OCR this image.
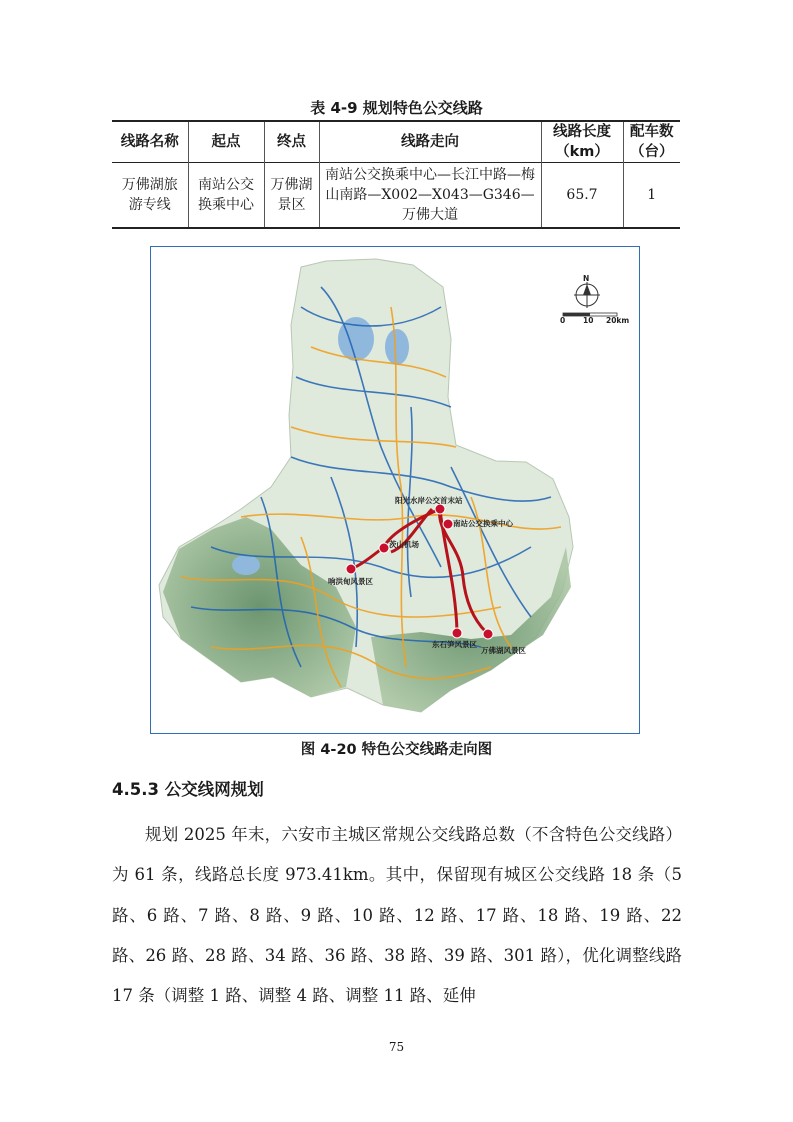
表 4-9 规划特色公交线路
线路名称	起点	终点	线路走向	线路长度（km）	配车数（台）
万佛湖旅游专线	南站公交换乘中心	万佛湖景区	南站公交换乘中心—长江中路—梅山南路—X002—X043—G346—万佛大道	65.7	1
阳光水岸公交首末站
南站公交换乘中心
茨山机场
响洪甸风景区
东石笋风景区
万佛湖风景区
N
0 10 20km
图 4-20 特色公交线路走向图
4.5.3 公交线网规划

规划 2025 年末，六安市主城区常规公交线路总数（不含特色公交线路）为 61 条，线路总长度 973.41km。其中，保留现有城区公交线路 18 条（5 路、6 路、7 路、8 路、9 路、10 路、12 路、17 路、18 路、19 路、22 路、26 路、28 路、34 路、36 路、38 路、39 路、301 路），优化调整线路 17 条（调整 1 路、调整 4 路、调整 11 路、延伸

75
